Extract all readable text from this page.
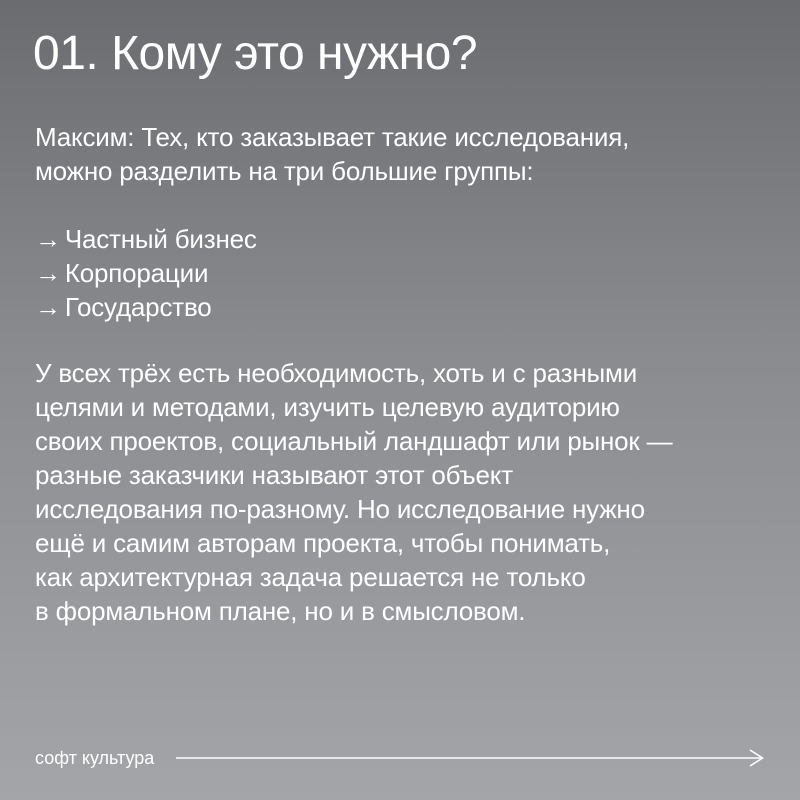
01. Кому это нужно?

Максим: Тех, кто заказывает такие исследования,
можно разделить на три большие группы:

→ Частный бизнес
→ Корпорации
→ Государство

У всех трёх есть необходимость, хоть и с разными
целями и методами, изучить целевую аудиторию
своих проектов, социальный ландшафт или рынок —
разные заказчики называют этот объект
исследования по-разному. Но исследование нужно
ещё и самим авторам проекта, чтобы понимать,
как архитектурная задача решается не только
в формальном плане, но и в смысловом.

софт культура
